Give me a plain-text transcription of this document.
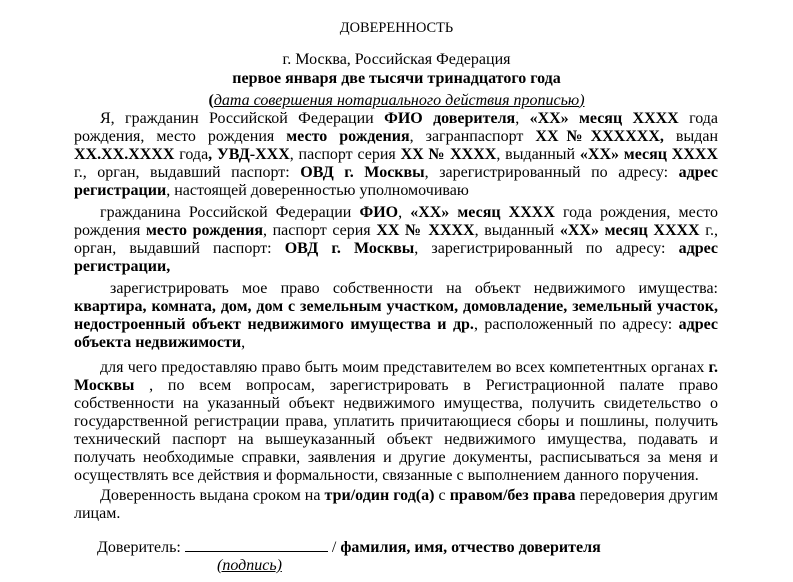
ДОВЕРЕННОСТЬ
г. Москва, Российская Федерация
первое января две тысячи тринадцатого года
(дата совершения нотариального действия прописью)
Я, гражданин Российской Федерации ФИО доверителя, «XX» месяц XXXX года рождения, место рождения место рождения, загранпаспорт XX№XXXXXX, выдан XX.XX.XXXX года, УВД-XXX, паспорт серия XX № XXXX, выданный «XX» месяц XXXX г., орган, выдавший паспорт: ОВД г. Москвы, зарегистрированный по адресу: адрес регистрации, настоящей доверенностью уполномочиваю
гражданина Российской Федерации ФИО, «XX» месяц XXXX года рождения, место рождения место рождения, паспорт серия XX № XXXX, выданный «XX» месяц XXXX г., орган, выдавший паспорт: ОВД г. Москвы, зарегистрированный по адресу: адрес регистрации,
зарегистрировать мое право собственности на объект недвижимого имущества: квартира, комната, дом, дом с земельным участком, домовладение, земельный участок, недостроенный объект недвижимого имущества и др., расположенный по адресу: адрес объекта недвижимости,
для чего предоставляю право быть моим представителем во всех компетентных органах г. Москвы , по всем вопросам, зарегистрировать в Регистрационной палате право собственности на указанный объект недвижимого имущества, получить свидетельство о государственной регистрации права, уплатить причитающиеся сборы и пошлины, получить технический паспорт на вышеуказанный объект недвижимого имущества, подавать и получать необходимые справки, заявления и другие документы, расписываться за меня и осуществлять все действия и формальности, связанные с выполнением данного поручения.
Доверенность выдана сроком на три/один год(а) с правом/без права передоверия другим лицам.
Доверитель:	/ фамилия, имя, отчество доверителя
(подпись)
